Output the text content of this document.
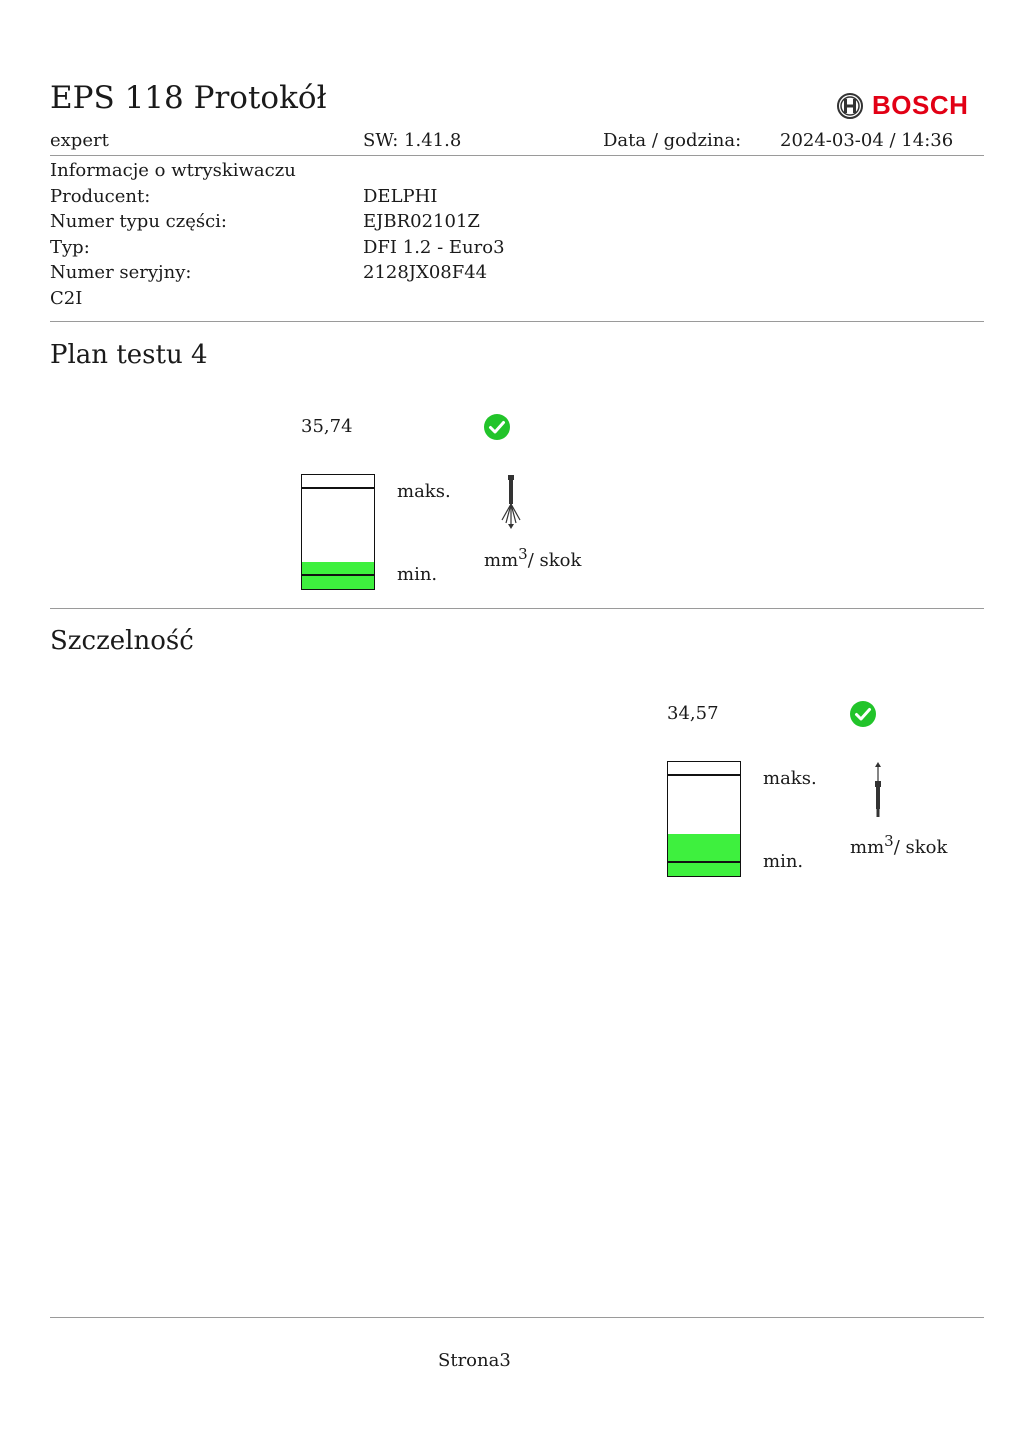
EPS 118 Protokół	BOSCH
expert	SW: 1.41.8	Data / godzina: 2024-03-04 / 14:36
Informacje o wtryskiwaczu
Producent:	DELPHI
Numer typu części:	EJBR02101Z
Typ:	DFI 1.2 - Euro3
Numer seryjny:	2128JX08F44
C2I
Plan testu 4
35,74
maks.
min.
$mm^3/$ skok
Szczelność
34,57
maks.
min.
$mm^3/$ skok
Strona3
